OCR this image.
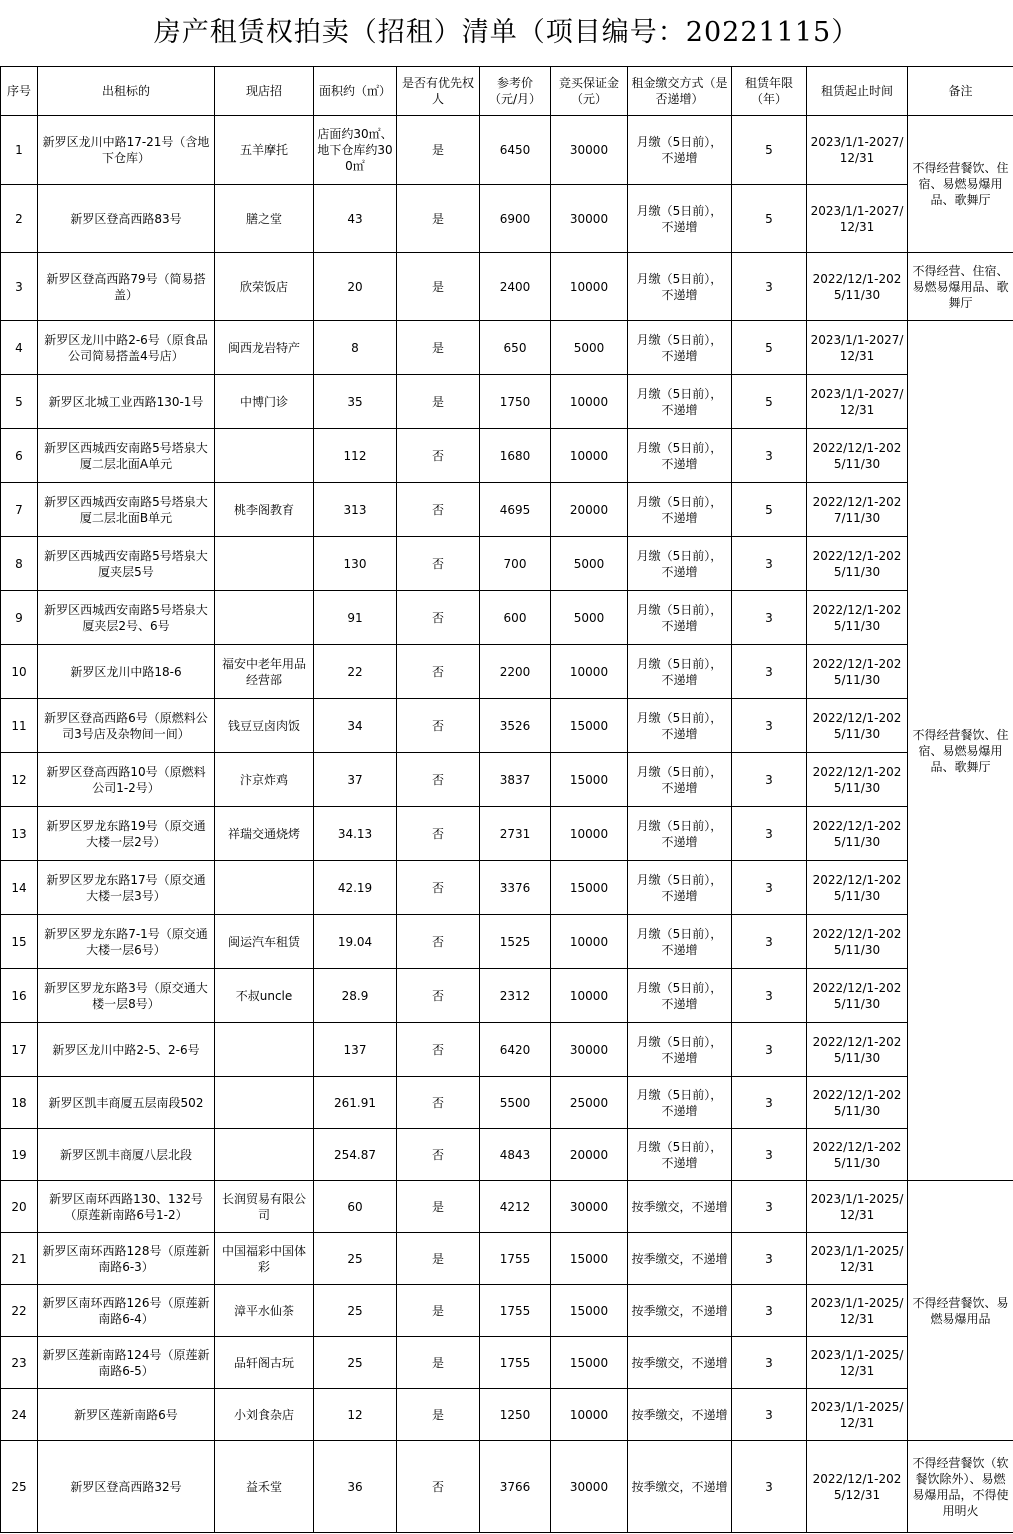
房产租赁权拍卖（招租）清单（项目编号：20221115）
序号	出租标的	现店招	面积约（㎡）	是否有优先权人	参考价（元/月）	竞买保证金（元）	租金缴交方式（是否递增）	租赁年限（年）	租赁起止时间	备注
1	新罗区龙川中路17-21号（含地下仓库）	五羊摩托	店面约30㎡、地下仓库约300㎡	是	6450	30000	月缴（5日前），不递增	5	2023/1/1-2027/12/31	不得经营餐饮、住宿、易燃易爆用品、歌舞厅
2	新罗区登高西路83号	膳之堂	43	是	6900	30000	月缴（5日前），不递增	5	2023/1/1-2027/12/31	
3	新罗区登高西路79号（简易搭盖）	欣荣饭店	20	是	2400	10000	月缴（5日前），不递增	3	2022/12/1-2025/11/30	不得经营、住宿、易燃易爆用品、歌舞厅
4	新罗区龙川中路2-6号（原食品公司简易搭盖4号店）	闽西龙岩特产	8	是	650	5000	月缴（5日前），不递增	5	2023/1/1-2027/12/31	不得经营餐饮、住宿、易燃易爆用品、歌舞厅
5	新罗区北城工业西路130-1号	中博门诊	35	是	1750	10000	月缴（5日前），不递增	5	2023/1/1-2027/12/31	
6	新罗区西城西安南路5号塔泉大厦二层北面A单元		112	否	1680	10000	月缴（5日前），不递增	3	2022/12/1-2025/11/30	
7	新罗区西城西安南路5号塔泉大厦二层北面B单元	桃李阁教育	313	否	4695	20000	月缴（5日前），不递增	5	2022/12/1-2027/11/30	
8	新罗区西城西安南路5号塔泉大厦夹层5号		130	否	700	5000	月缴（5日前），不递增	3	2022/12/1-2025/11/30	
9	新罗区西城西安南路5号塔泉大厦夹层2号、6号		91	否	600	5000	月缴（5日前），不递增	3	2022/12/1-2025/11/30	
10	新罗区龙川中路18-6	福安中老年用品经营部	22	否	2200	10000	月缴（5日前），不递增	3	2022/12/1-2025/11/30	
11	新罗区登高西路6号（原燃料公司3号店及杂物间一间）	钱豆豆卤肉饭	34	否	3526	15000	月缴（5日前），不递增	3	2022/12/1-2025/11/30	
12	新罗区登高西路10号（原燃料公司1-2号）	汴京炸鸡	37	否	3837	15000	月缴（5日前），不递增	3	2022/12/1-2025/11/30	
13	新罗区罗龙东路19号（原交通大楼一层2号）	祥瑞交通烧烤	34.13	否	2731	10000	月缴（5日前），不递增	3	2022/12/1-2025/11/30	
14	新罗区罗龙东路17号（原交通大楼一层3号）		42.19	否	3376	15000	月缴（5日前），不递增	3	2022/12/1-2025/11/30	
15	新罗区罗龙东路7-1号（原交通大楼一层6号）	闽运汽车租赁	19.04	否	1525	10000	月缴（5日前），不递增	3	2022/12/1-2025/11/30	
16	新罗区罗龙东路3号（原交通大楼一层8号）	不叔uncle	28.9	否	2312	10000	月缴（5日前），不递增	3	2022/12/1-2025/11/30	
17	新罗区龙川中路2-5、2-6号		137	否	6420	30000	月缴（5日前），不递增	3	2022/12/1-2025/11/30	
18	新罗区凯丰商厦五层南段502		261.91	否	5500	25000	月缴（5日前），不递增	3	2022/12/1-2025/11/30	
19	新罗区凯丰商厦八层北段		254.87	否	4843	20000	月缴（5日前），不递增	3	2022/12/1-2025/11/30	
20	新罗区南环西路130、132号（原莲新南路6号1-2）	长润贸易有限公司	60	是	4212	30000	按季缴交，不递增	3	2023/1/1-2025/12/31	不得经营餐饮、易燃易爆用品
21	新罗区南环西路128号（原莲新南路6-3）	中国福彩中国体彩	25	是	1755	15000	按季缴交，不递增	3	2023/1/1-2025/12/31	
22	新罗区南环西路126号（原莲新南路6-4）	漳平水仙茶	25	是	1755	15000	按季缴交，不递增	3	2023/1/1-2025/12/31	
23	新罗区莲新南路124号（原莲新南路6-5）	品轩阁古玩	25	是	1755	15000	按季缴交，不递增	3	2023/1/1-2025/12/31	
24	新罗区莲新南路6号	小刘食杂店	12	是	1250	10000	按季缴交，不递增	3	2023/1/1-2025/12/31	
25	新罗区登高西路32号	益禾堂	36	否	3766	30000	按季缴交，不递增	3	2022/12/1-2025/12/31	不得经营餐饮（软餐饮除外）、易燃易爆用品，不得使用明火
